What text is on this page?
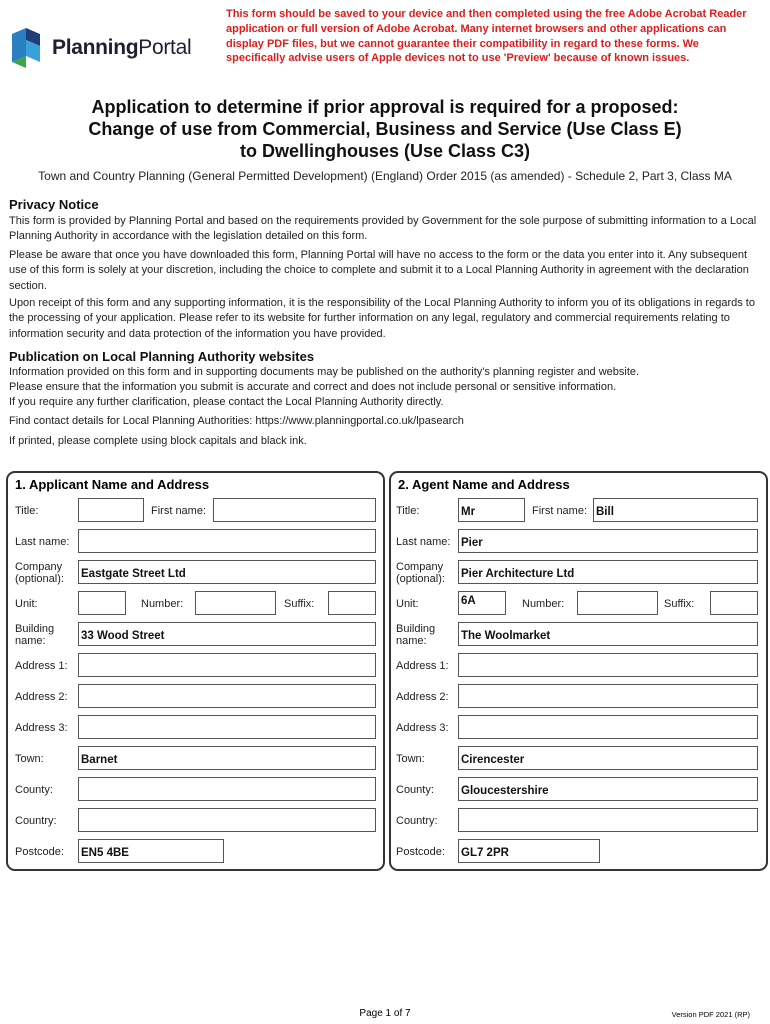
PlanningPortal
This form should be saved to your device and then completed using the free Adobe Acrobat Reader application or full version of Adobe Acrobat. Many internet browsers and other applications can display PDF files, but we cannot guarantee their compatibility in regard to these forms. We specifically advise users of Apple devices not to use 'Preview' because of known issues.
Application to determine if prior approval is required for a proposed:
Change of use from Commercial, Business and Service (Use Class E)
to Dwellinghouses (Use Class C3)
Town and Country Planning (General Permitted Development) (England) Order 2015 (as amended) - Schedule 2, Part 3, Class MA
Privacy Notice
This form is provided by Planning Portal and based on the requirements provided by Government for the sole purpose of submitting information to a Local Planning Authority in accordance with the legislation detailed on this form.
Please be aware that once you have downloaded this form, Planning Portal will have no access to the form or the data you enter into it. Any subsequent use of this form is solely at your discretion, including the choice to complete and submit it to a Local Planning Authority in agreement with the declaration section.
Upon receipt of this form and any supporting information, it is the responsibility of the Local Planning Authority to inform you of its obligations in regards to the processing of your application. Please refer to its website for further information on any legal, regulatory and commercial requirements relating to information security and data protection of the information you have provided.
Publication on Local Planning Authority websites
Information provided on this form and in supporting documents may be published on the authority's planning register and website.
Please ensure that the information you submit is accurate and correct and does not include personal or sensitive information.
If you require any further clarification, please contact the Local Planning Authority directly.
Find contact details for Local Planning Authorities: https://www.planningportal.co.uk/lpasearch
If printed, please complete using block capitals and black ink.
1. Applicant Name and Address
Title:	First name:
Last name:
Company
(optional): Eastgate Street Ltd
Unit:	Number:	Suffix:
Building
name:	33 Wood Street
Address 1:
Address 2:
Address 3:
Town:	Barnet
County:
Country:
Postcode: EN5 4BE
2. Agent Name and Address
Title:	Mr	First name: Bill
Last name: Pier
Company
(optional): Pier Architecture Ltd
Unit:	6A	Number:	Suffix:
Building
name:	The Woolmarket
Address 1:
Address 2:
Address 3:
Town:	Cirencester
County: Gloucestershire
Country:
Postcode: GL7 2PR
Page 1 of 7	Version PDF 2021 (RP)
